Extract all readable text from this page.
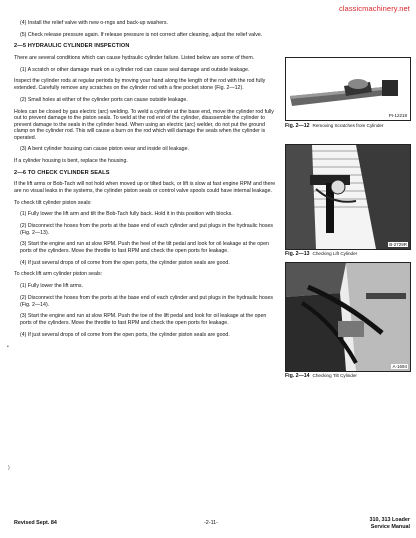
classicmachinery.net

(4) Install the relief valve with new o-rngs and back-up washers.

(5) Check release pressure again. If release pressure is not correct after cleaning, adjust the relief valve.

2—5 HYDRAULIC CYLINDER INSPECTION

There are several conditions which can cause hydraulic cylinder failure. Listed below are some of them.

(1) A scratch or other damage mark on a cylinder rod can cause seal damage and outside leakage.

Inspect the cylinder rods at regular periods by moving your hand along the length of the rod with the rod fully extended. Carefully remove any scratches on the cylinder rod with a fine pocket stone (Fig. 2—12).

(2) Small holes at either of the cylinder ports can cause outside leakage.

Holes can be closed by gas electric (arc) welding. To weld a cylinder at the base end, move the cylinder rod fully out to prevent damage to the piston seals. To weld at the rod end of the cylinder, disassemble the cylinder to prevent damage to the seals in the cylinder head. When using an electric (arc) welder, do not put the ground clamp on the cylinder rod. This will cause a burn on the rod which will damage the seals when the cylinder is operated.

(3) A bent cylinder housing can cause piston wear and inside oil leakage.

If a cylinder housing is bent, replace the housing.

2—6 TO CHECK CYLINDER SEALS

If the lift arms or Bob-Tach will not hold when moved up or tilted back, or lift is slow at fast engine RPM and there are no visual leaks in the systems, the cylinder piston seals or control valve spools could have internal leakage.

To check tilt cylinder piston seals:

(1) Fully lower the lift arm and tilt the Bob-Tach fully back. Hold it in this position with blocks.

(2) Disconnect the hoses from the ports at the base end of each cylinder and put plugs in the hydraulic hoses (Fig. 2—13).

(3) Start the engine and run at slow RPM. Push the heel of the tilt pedal and look for oil leakage at the open ports of the cylinders. Move the throttle to fast RPM and check the open ports for leakage.

(4) If just several drops of oil come from the open ports, the cylinder piston seals are good.

To check lift arm cylinder piston seals:

(1) Fully lower the lift arms.

(2) Disconnect the hoses from the ports at the base end of each cylinder and put plugs in the hydraulic hoses (Fig. 2—14).

(3) Start the engine and run at slow RPM. Push the toe of the lift pedal and look for oil leakage at the open ports of the cylinders. Move the throttle to fast RPM and check the open ports for leakage.

(4) If just several drops of oil come from the open ports, the cylinder piston seals are good.

•
)
PI-12218
Fig. 2—12 Removing Scratches from Cylinder
B-2729R
Fig. 2—13 Checking Lift Cylinder
A-1694
Fig. 2—14 Checking Tilt Cylinder
Revised Sept. 84	-2-11-	310, 313 Loader
Service Manual
